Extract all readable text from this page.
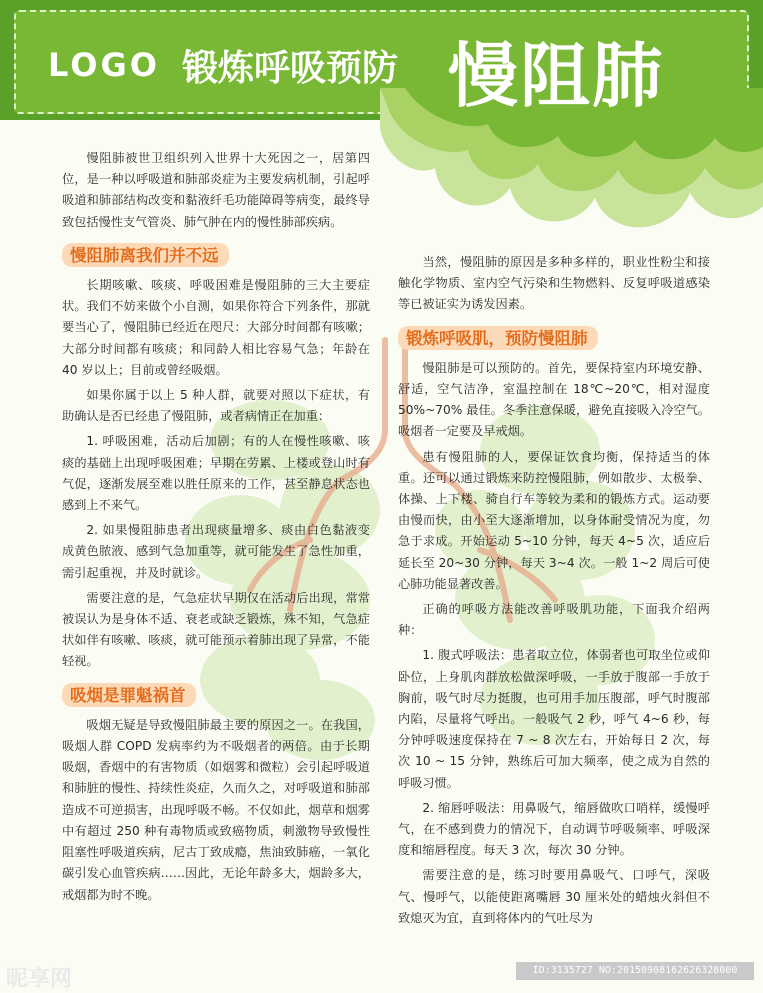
LOGO 锻炼呼吸预防 慢阻肺

慢阻肺被世卫组织列入世界十大死因之一，居第四位，是一种以呼吸道和肺部炎症为主要发病机制，引起呼吸道和肺部结构改变和黏液纤毛功能障碍等病变，最终导致包括慢性支气管炎、肺气肿在内的慢性肺部疾病。

慢阻肺离我们并不远

长期咳嗽、咳痰、呼吸困难是慢阻肺的三大主要症状。我们不妨来做个小自测，如果你符合下列条件，那就要当心了，慢阻肺已经近在咫尺：大部分时间都有咳嗽；大部分时间都有咳痰；和同龄人相比容易气急；年龄在 40 岁以上；目前或曾经吸烟。

如果你属于以上 5 种人群，就要对照以下症状，有助确认是否已经患了慢阻肺，或者病情正在加重：

1. 呼吸困难，活动后加剧；有的人在慢性咳嗽、咳痰的基础上出现呼吸困难；早期在劳累、上楼或登山时有气促，逐渐发展至难以胜任原来的工作，甚至静息状态也感到上不来气。

2. 如果慢阻肺患者出现痰量增多、痰由白色黏液变成黄色脓液、感到气急加重等，就可能发生了急性加重，需引起重视，并及时就诊。

需要注意的是，气急症状早期仅在活动后出现，常常被误认为是身体不适、衰老或缺乏锻炼，殊不知，气急症状如伴有咳嗽、咳痰，就可能预示着肺出现了异常，不能轻视。

吸烟是罪魁祸首

吸烟无疑是导致慢阻肺最主要的原因之一。在我国，吸烟人群 COPD 发病率约为不吸烟者的两倍。由于长期吸烟，香烟中的有害物质（如烟雾和微粒）会引起呼吸道和肺脏的慢性、持续性炎症，久而久之，对呼吸道和肺部造成不可逆损害，出现呼吸不畅。不仅如此，烟草和烟雾中有超过 250 种有毒物质或致癌物质，刺激物导致慢性阻塞性呼吸道疾病，尼古丁致成瘾，焦油致肺癌，一氧化碳引发心血管疾病……因此，无论年龄多大，烟龄多大，戒烟都为时不晚。

当然，慢阻肺的原因是多种多样的，职业性粉尘和接触化学物质、室内空气污染和生物燃料、反复呼吸道感染等已被证实为诱发因素。

锻炼呼吸肌，预防慢阻肺

慢阻肺是可以预防的。首先，要保持室内环境安静、舒适，空气洁净，室温控制在 18℃~20℃，相对湿度 50%~70% 最佳。冬季注意保暖，避免直接吸入冷空气。吸烟者一定要及早戒烟。

患有慢阻肺的人，要保证饮食均衡，保持适当的体重。还可以通过锻炼来防控慢阻肺，例如散步、太极拳、体操、上下楼、骑自行车等较为柔和的锻炼方式。运动要由慢而快，由小至大逐渐增加，以身体耐受情况为度，勿急于求成。开始运动 5~10 分钟，每天 4~5 次，适应后延长至 20~30 分钟，每天 3~4 次。一般 1~2 周后可使心肺功能显著改善。

正确的呼吸方法能改善呼吸肌功能，下面我介绍两种：

1. 腹式呼吸法：患者取立位，体弱者也可取坐位或仰卧位，上身肌肉群放松做深呼吸，一手放于腹部一手放于胸前，吸气时尽力挺腹，也可用手加压腹部，呼气时腹部内陷，尽量将气呼出。一般吸气 2 秒，呼气 4~6 秒，每分钟呼吸速度保持在 7 ~ 8 次左右，开始每日 2 次，每次 10 ~ 15 分钟，熟练后可加大频率，使之成为自然的呼吸习惯。

2. 缩唇呼吸法：用鼻吸气，缩唇做吹口哨样，缓慢呼气，在不感到费力的情况下，自动调节呼吸频率、呼吸深度和缩唇程度。每天 3 次，每次 30 分钟。

需要注意的是，练习时要用鼻吸气、口呼气，深吸气、慢呼气，以能使距离嘴唇 30 厘米处的蜡烛火斜但不致熄灭为宜，直到将体内的气吐尽为

昵享网	ID:3135727 NO:20150908162626328000
